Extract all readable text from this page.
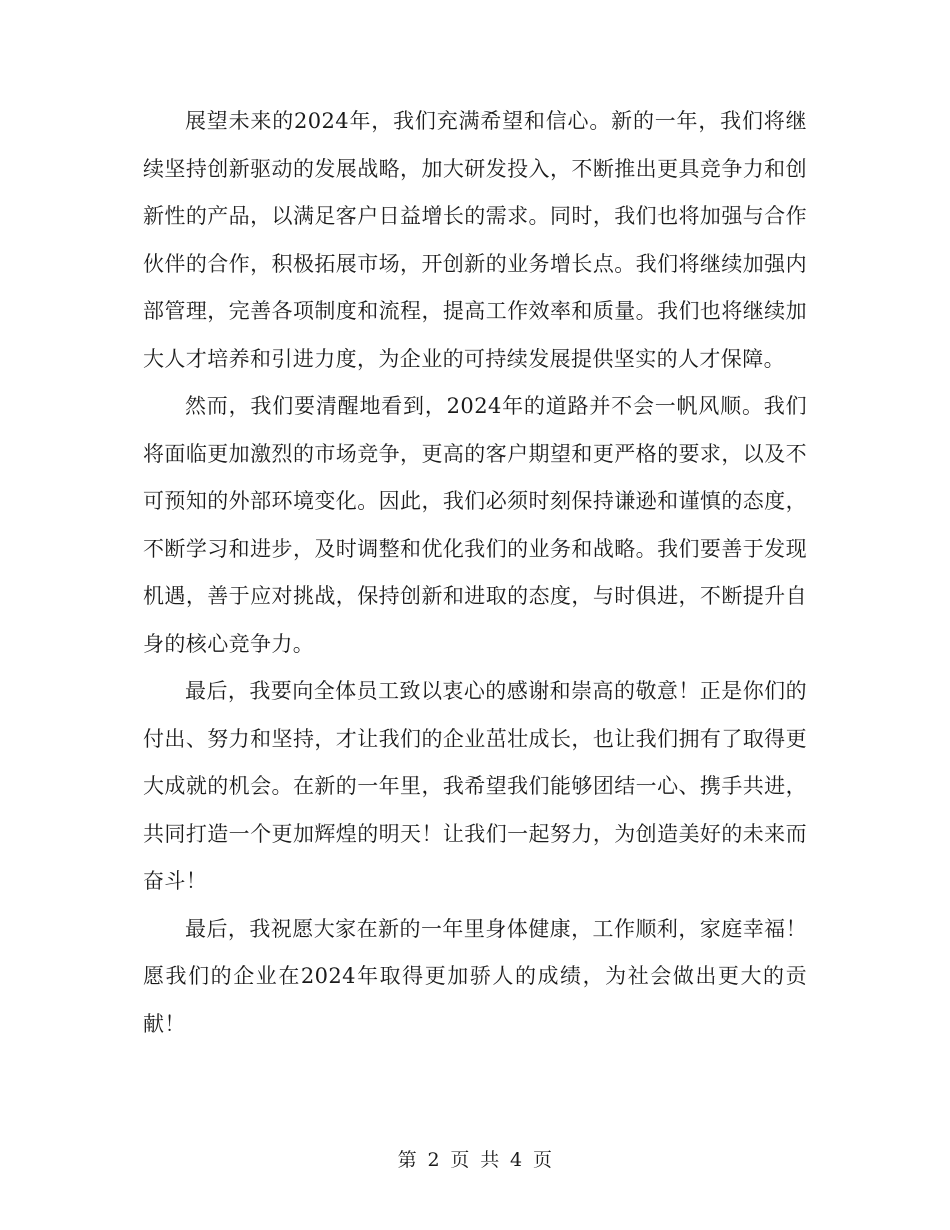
展望未来的2024年，我们充满希望和信心。新的一年，我们将继续坚持创新驱动的发展战略，加大研发投入，不断推出更具竞争力和创新性的产品，以满足客户日益增长的需求。同时，我们也将加强与合作伙伴的合作，积极拓展市场，开创新的业务增长点。我们将继续加强内部管理，完善各项制度和流程，提高工作效率和质量。我们也将继续加大人才培养和引进力度，为企业的可持续发展提供坚实的人才保障。

然而，我们要清醒地看到，2024年的道路并不会一帆风顺。我们将面临更加激烈的市场竞争，更高的客户期望和更严格的要求，以及不可预知的外部环境变化。因此，我们必须时刻保持谦逊和谨慎的态度，不断学习和进步，及时调整和优化我们的业务和战略。我们要善于发现机遇，善于应对挑战，保持创新和进取的态度，与时俱进，不断提升自身的核心竞争力。

最后，我要向全体员工致以衷心的感谢和崇高的敬意！正是你们的付出、努力和坚持，才让我们的企业茁壮成长，也让我们拥有了取得更大成就的机会。在新的一年里，我希望我们能够团结一心、携手共进，共同打造一个更加辉煌的明天！让我们一起努力，为创造美好的未来而奋斗！

最后，我祝愿大家在新的一年里身体健康，工作顺利，家庭幸福！愿我们的企业在2024年取得更加骄人的成绩，为社会做出更大的贡献！

第 2 页 共 4 页
